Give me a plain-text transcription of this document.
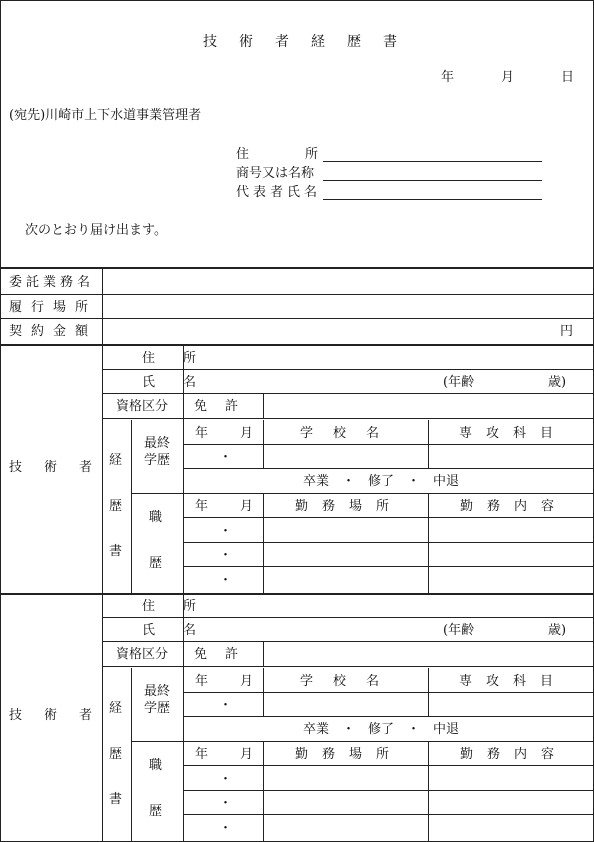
技術者経歴書
年	月	日
(宛先)川崎市上下水道事業管理者
住所
商号又は名称
代表者氏名
次のとおり届け出ます。
委託業務名
履行場所
契約金額	円
技術者
住所
氏名	(年齢	歳)
資格区分 免許
経
歴
書
最終
学歴
年 月	学校名	専攻科目
・
卒業　・　修了　・　中退
職
歴
年 月	勤務場所	勤務内容
・
・
・
技術者
住所
氏名	(年齢	歳)
資格区分 免許
経
歴
書
最終
学歴
年 月	学校名	専攻科目
・
卒業　・　修了　・　中退
職
歴
年 月	勤務場所	勤務内容
・
・
・
